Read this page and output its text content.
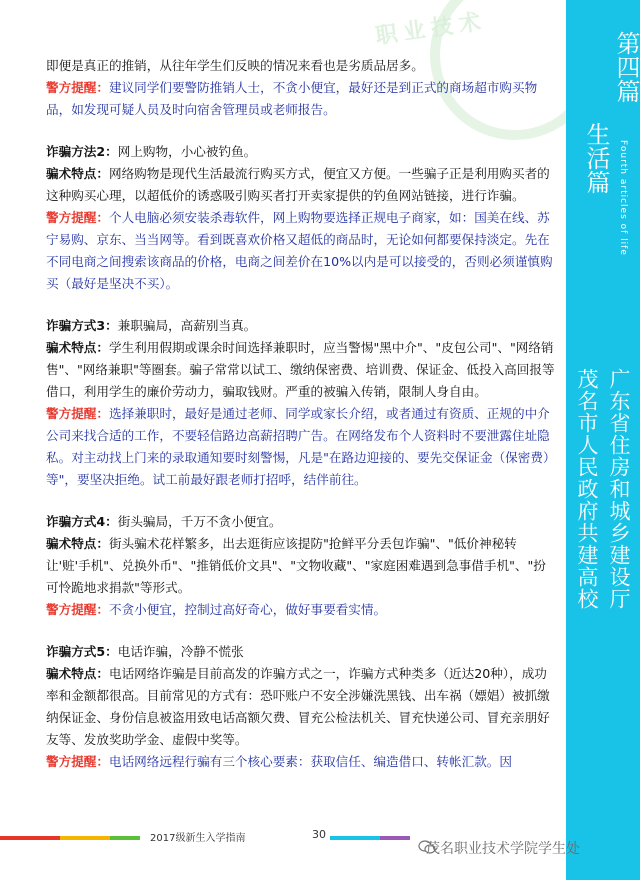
职业技术
第四篇
生活篇 Fourth articles of life
广东省住房和城乡建设厅
茂名市人民政府共建高校

即便是真正的推销，从往年学生们反映的情况来看也是劣质品居多。

警方提醒：建议同学们要警防推销人士，不贪小便宜，最好还是到正式的商场超市购买物品，如发现可疑人员及时向宿舍管理员或老师报告。

诈骗方法2：网上购物，小心被钓鱼。

骗术特点：网络购物是现代生活最流行购买方式，便宜又方便。一些骗子正是利用购买者的这种购买心理，以超低价的诱惑吸引购买者打开卖家提供的钓鱼网站链接，进行诈骗。

警方提醒：个人电脑必须安装杀毒软件，网上购物要选择正规电子商家，如：国美在线、苏宁易购、京东、当当网等。看到既喜欢价格又超低的商品时，无论如何都要保持淡定。先在不同电商之间搜索该商品的价格，电商之间差价在10%以内是可以接受的，否则必须谨慎购买（最好是坚决不买）。

诈骗方式3：兼职骗局，高薪别当真。

骗术特点：学生利用假期或课余时间选择兼职时，应当警惕"黑中介"、"皮包公司"、"网络销售"、"网络兼职"等圈套。骗子常常以试工、缴纳保密费、培训费、保证金、低投入高回报等借口，利用学生的廉价劳动力，骗取钱财。严重的被骗入传销，限制人身自由。

警方提醒：选择兼职时，最好是通过老师、同学或家长介绍，或者通过有资质、正规的中介公司来找合适的工作，不要轻信路边高薪招聘广告。在网络发布个人资料时不要泄露住址隐私。对主动找上门来的录取通知要时刻警惕，凡是"在路边迎接的、要先交保证金（保密费）等"，要坚决拒绝。试工前最好跟老师打招呼，结伴前往。

诈骗方式4：街头骗局，千万不贪小便宜。

骗术特点：街头骗术花样繁多，出去逛街应该提防"抢鲜平分丢包诈骗"、"低价神秘转让'赃'手机"、兑换外币"、"推销低价文具"、"文物收藏"、"家庭困难遇到急事借手机"、"扮可怜跪地求捐款"等形式。

警方提醒：不贪小便宜，控制过高好奇心，做好事要看实情。

诈骗方式5：电话诈骗，冷静不慌张

骗术特点：电话网络诈骗是目前高发的诈骗方式之一，诈骗方式种类多（近达20种），成功率和金额都很高。目前常见的方式有：恐吓账户不安全涉嫌洗黑钱、出车祸（嫖娼）被抓缴纳保证金、身份信息被盗用致电话高额欠费、冒充公检法机关、冒充快递公司、冒充亲朋好友等、发放奖助学金、虚假中奖等。

警方提醒：电话网络远程行骗有三个核心要素：获取信任、编造借口、转帐汇款。因

2017级新生入学指南	30
茂名职业技术学院学生处
